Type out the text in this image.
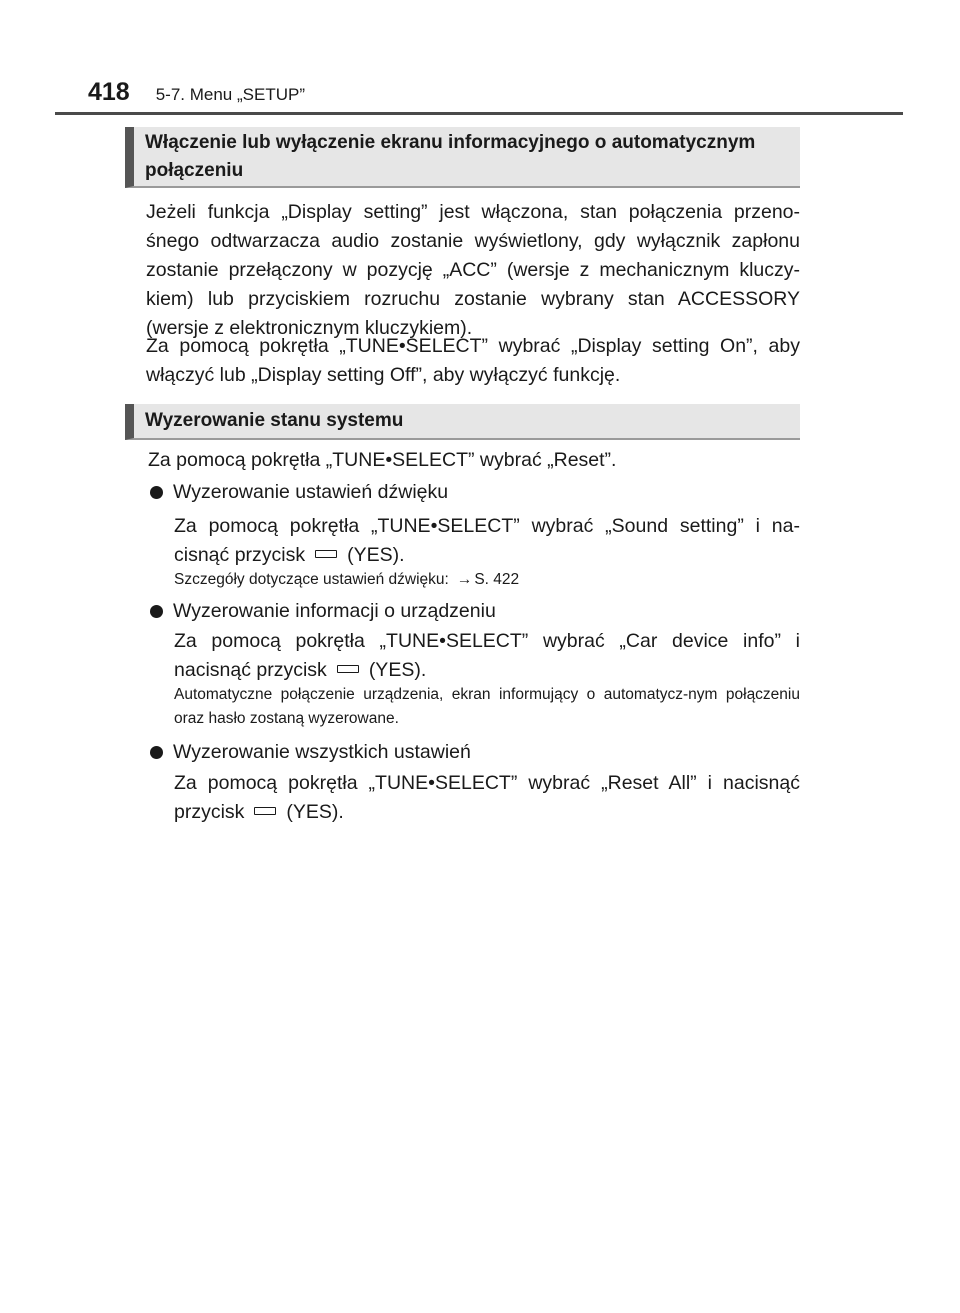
418 5-7. Menu „SETUP”
Włączenie lub wyłączenie ekranu informacyjnego o automatycznym połączeniu
Jeżeli funkcja „Display setting” jest włączona, stan połączenia przeno-śnego odtwarzacza audio zostanie wyświetlony, gdy wyłącznik zapłonu zostanie przełączony w pozycję „ACC” (wersje z mechanicznym kluczy-kiem) lub przyciskiem rozruchu zostanie wybrany stan ACCESSORY (wersje z elektronicznym kluczykiem).
Za pomocą pokrętła „TUNE•SELECT” wybrać „Display setting On”, aby włączyć lub „Display setting Off”, aby wyłączyć funkcję.
Wyzerowanie stanu systemu
Za pomocą pokrętła „TUNE•SELECT” wybrać „Reset”.
Wyzerowanie ustawień dźwięku
Za pomocą pokrętła „TUNE•SELECT” wybrać „Sound setting” i na-cisnąć przycisk (YES).
Szczegóły dotyczące ustawień dźwięku: → S. 422
Wyzerowanie informacji o urządzeniu
Za pomocą pokrętła „TUNE•SELECT” wybrać „Car device info” i nacisnąć przycisk (YES).
Automatyczne połączenie urządzenia, ekran informujący o automatycz-nym połączeniu oraz hasło zostaną wyzerowane.
Wyzerowanie wszystkich ustawień
Za pomocą pokrętła „TUNE•SELECT” wybrać „Reset All” i nacisnąć przycisk (YES).
